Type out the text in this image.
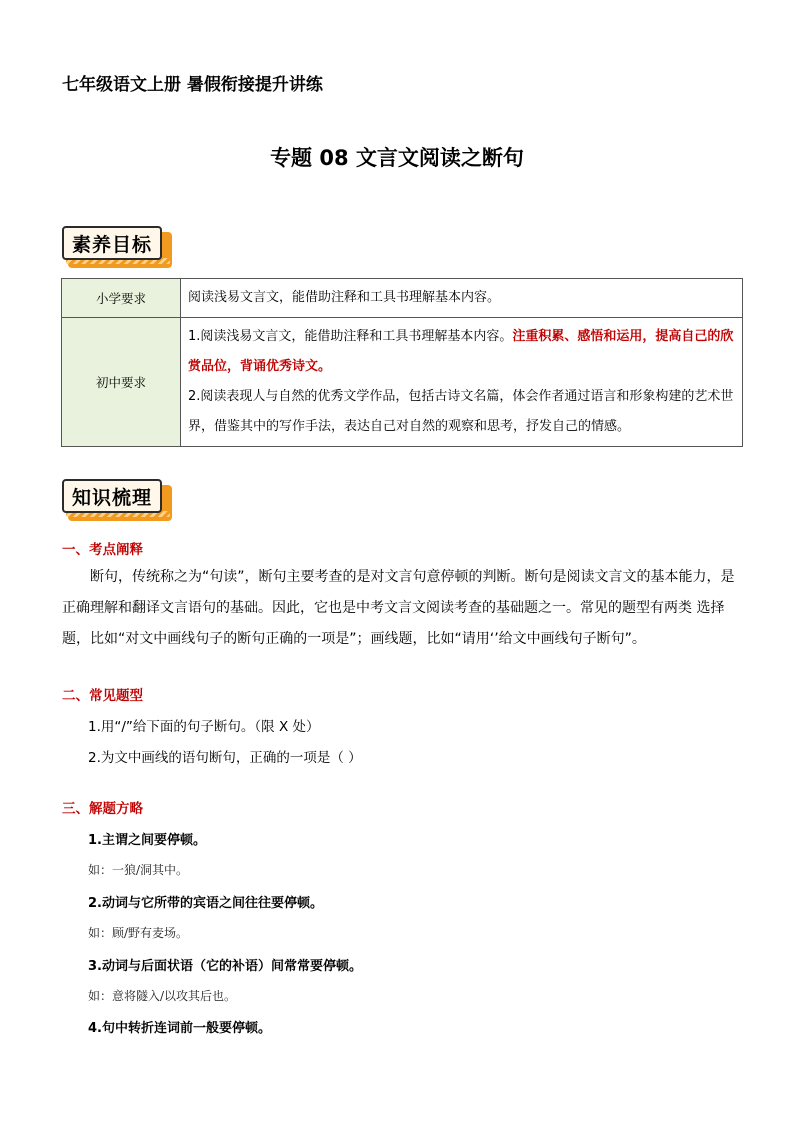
七年级语文上册 暑假衔接提升讲练
专题 08 文言文阅读之断句
素养目标
小学要求	阅读浅易文言文，能借助注释和工具书理解基本内容。
初中要求	1.阅读浅易文言文，能借助注释和工具书理解基本内容。注重积累、感悟和运用，提高自己的欣赏品位，背诵优秀诗文。
2.阅读表现人与自然的优秀文学作品，包括古诗文名篇，体会作者通过语言和形象构建的艺术世界，借鉴其中的写作手法，表达自己对自然的观察和思考，抒发自己的情感。
知识梳理
一、考点阐释
断句，传统称之为“句读”，断句主要考查的是对文言句意停顿的判断。断句是阅读文言文的基本能力，是正确理解和翻译文言语句的基础。因此，它也是中考文言文阅读考查的基础题之一。常见的题型有两类 选择题，比如“对文中画线句子的断句正确的一项是”；画线题，比如“请用‘’给文中画线句子断句”。
二、常见题型
1.用“/”给下面的句子断句。（限 X 处）
2.为文中画线的语句断句，正确的一项是（ ）
三、解题方略
1.主谓之间要停顿。
如：一狼/洞其中。
2.动词与它所带的宾语之间往往要停顿。
如：顾/野有麦场。
3.动词与后面状语（它的补语）间常常要停顿。
如：意将隧入/以攻其后也。
4.句中转折连词前一般要停顿。
